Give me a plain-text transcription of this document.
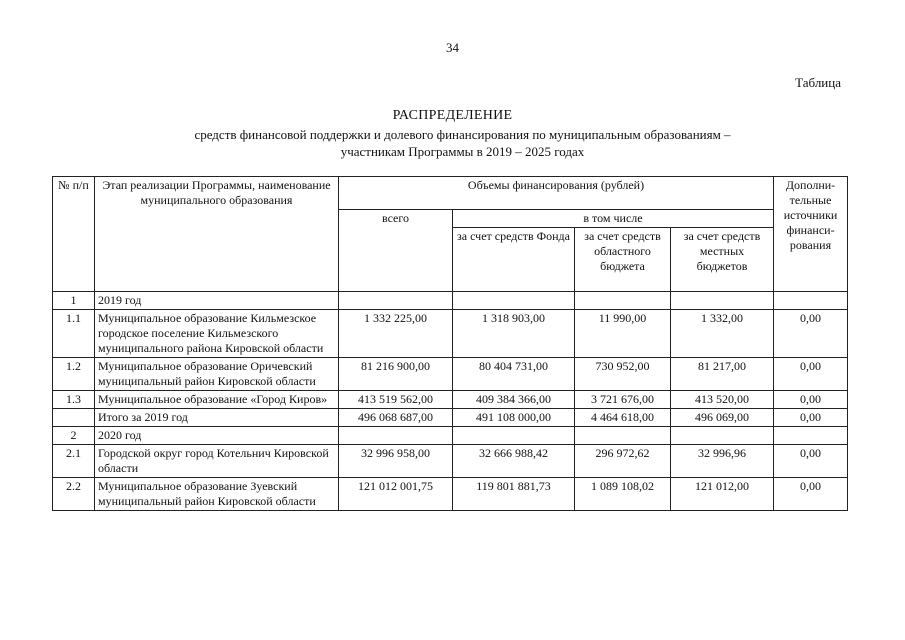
34
Таблица
РАСПРЕДЕЛЕНИЕ
средств финансовой поддержки и долевого финансирования по муниципальным образованиям –
участникам Программы в 2019 – 2025 годах
№ п/п	Этап реализации Программы, наименование муниципального образования	Объемы финансирования (рублей)				Дополни-тельные источники финанси-рования
		всего	в том числе			
			за счет средств Фонда	за счет средств областного бюджета	за счет средств местных бюджетов	
1	2019 год					
1.1	Муниципальное образование Кильмезское городское поселение Кильмезского муниципального района Кировской области	1 332 225,00	1 318 903,00	11 990,00	1 332,00	0,00
1.2	Муниципальное образование Оричевский муниципальный район Кировской области	81 216 900,00	80 404 731,00	730 952,00	81 217,00	0,00
1.3	Муниципальное образование «Город Киров»	413 519 562,00	409 384 366,00	3 721 676,00	413 520,00	0,00
	Итого за 2019 год	496 068 687,00	491 108 000,00	4 464 618,00	496 069,00	0,00
2	2020 год					
2.1	Городской округ город Котельнич Кировской области	32 996 958,00	32 666 988,42	296 972,62	32 996,96	0,00
2.2	Муниципальное образование Зуевский муниципальный район Кировской области	121 012 001,75	119 801 881,73	1 089 108,02	121 012,00	0,00
